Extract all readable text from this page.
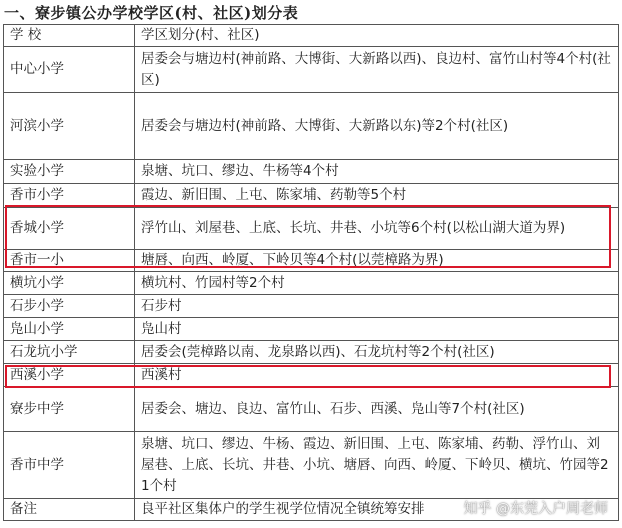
一、寮步镇公办学校学区(村、社区)划分表
学 校	学区划分(村、社区)
中心小学	居委会与塘边村(神前路、大博街、大新路以西)、良边村、富竹山村等4个村(社区)
河滨小学	居委会与塘边村(神前路、大博街、大新路以东)等2个村(社区)
实验小学	泉塘、坑口、缪边、牛杨等4个村
香市小学	霞边、新旧围、上屯、陈家埔、药勒等5个村
香城小学	浮竹山、刘屋巷、上底、长坑、井巷、小坑等6个村(以松山湖大道为界)
香市一小	塘唇、向西、岭厦、下岭贝等4个村(以莞樟路为界)
横坑小学	横坑村、竹园村等2个村
石步小学	石步村
凫山小学	凫山村
石龙坑小学	居委会(莞樟路以南、龙泉路以西)、石龙坑村等2个村(社区)
西溪小学	西溪村
寮步中学	居委会、塘边、良边、富竹山、石步、西溪、凫山等7个村(社区)
香市中学	泉塘、坑口、缪边、牛杨、霞边、新旧围、上屯、陈家埔、药勒、浮竹山、刘屋巷、上底、长坑、井巷、小坑、塘唇、向西、岭厦、下岭贝、横坑、竹园等21个村
备注	良平社区集体户的学生视学位情况全镇统筹安排	知乎 @东莞入户周老师
